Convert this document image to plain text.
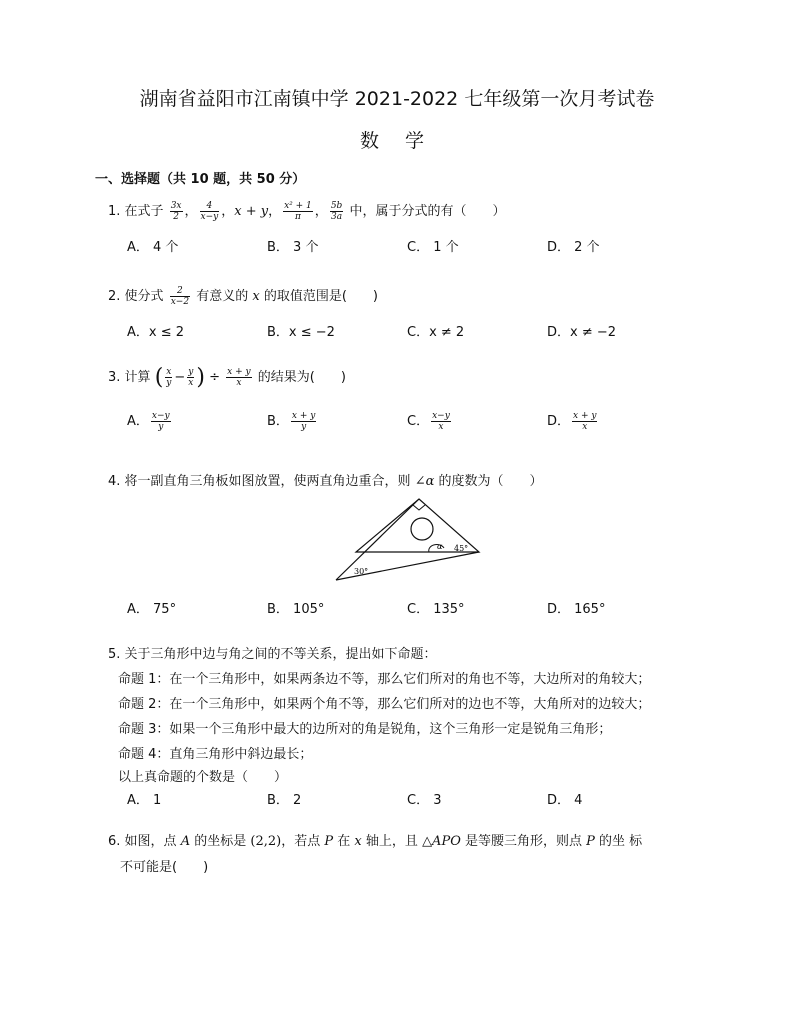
湖南省益阳市江南镇中学 2021-2022 七年级第一次月考试卷
数 学
一、选择题（共 10 题，共 50 分）
1. 在式子 $\frac{3x}{2}$ ， $\frac{4}{x-y}$ ，x + y， $\frac{\text{x² + 1}}{\pi}$ ， $\frac{5b}{3a}$ 中，属于分式的有（　　）
A． 4 个	B． 3 个	C． 1 个	D． 2 个
2. 使分式 $\frac{2}{x-2}$ 有意义的 x 的取值范围是(　　)
A．x ≤ 2	B．x ≤ −2	C．x ≠ 2	D．x ≠ −2
3. 计算 ( $\frac{x}{y} - \frac{y}{x}$ ) ÷ $\frac{x + y}{x}$ 的结果为(　　)
A． $\frac{x-y}{y}$	B． $\frac{x + y}{y}$	C． $\frac{x-y}{x}$	D． $\frac{x + y}{x}$
4. 将一副直角三角板如图放置，使两直角边重合，则 ∠α 的度数为（　　）
α 45°
30°
A． 75°	B． 105°	C． 135°	D． 165°
5. 关于三角形中边与角之间的不等关系，提出如下命题：
命题 1：在一个三角形中，如果两条边不等，那么它们所对的角也不等，大边所对的角较大；
命题 2：在一个三角形中，如果两个角不等，那么它们所对的边也不等，大角所对的边较大；
命题 3：如果一个三角形中最大的边所对的角是锐角，这个三角形一定是锐角三角形；
命题 4：直角三角形中斜边最长；
以上真命题的个数是（　　）
A． 1	B． 2	C． 3	D． 4
6. 如图，点 A 的坐标是 (2,2)，若点 P 在 x 轴上，且 △APO 是等腰三角形，则点 P 的坐 标
不可能是(　　)
